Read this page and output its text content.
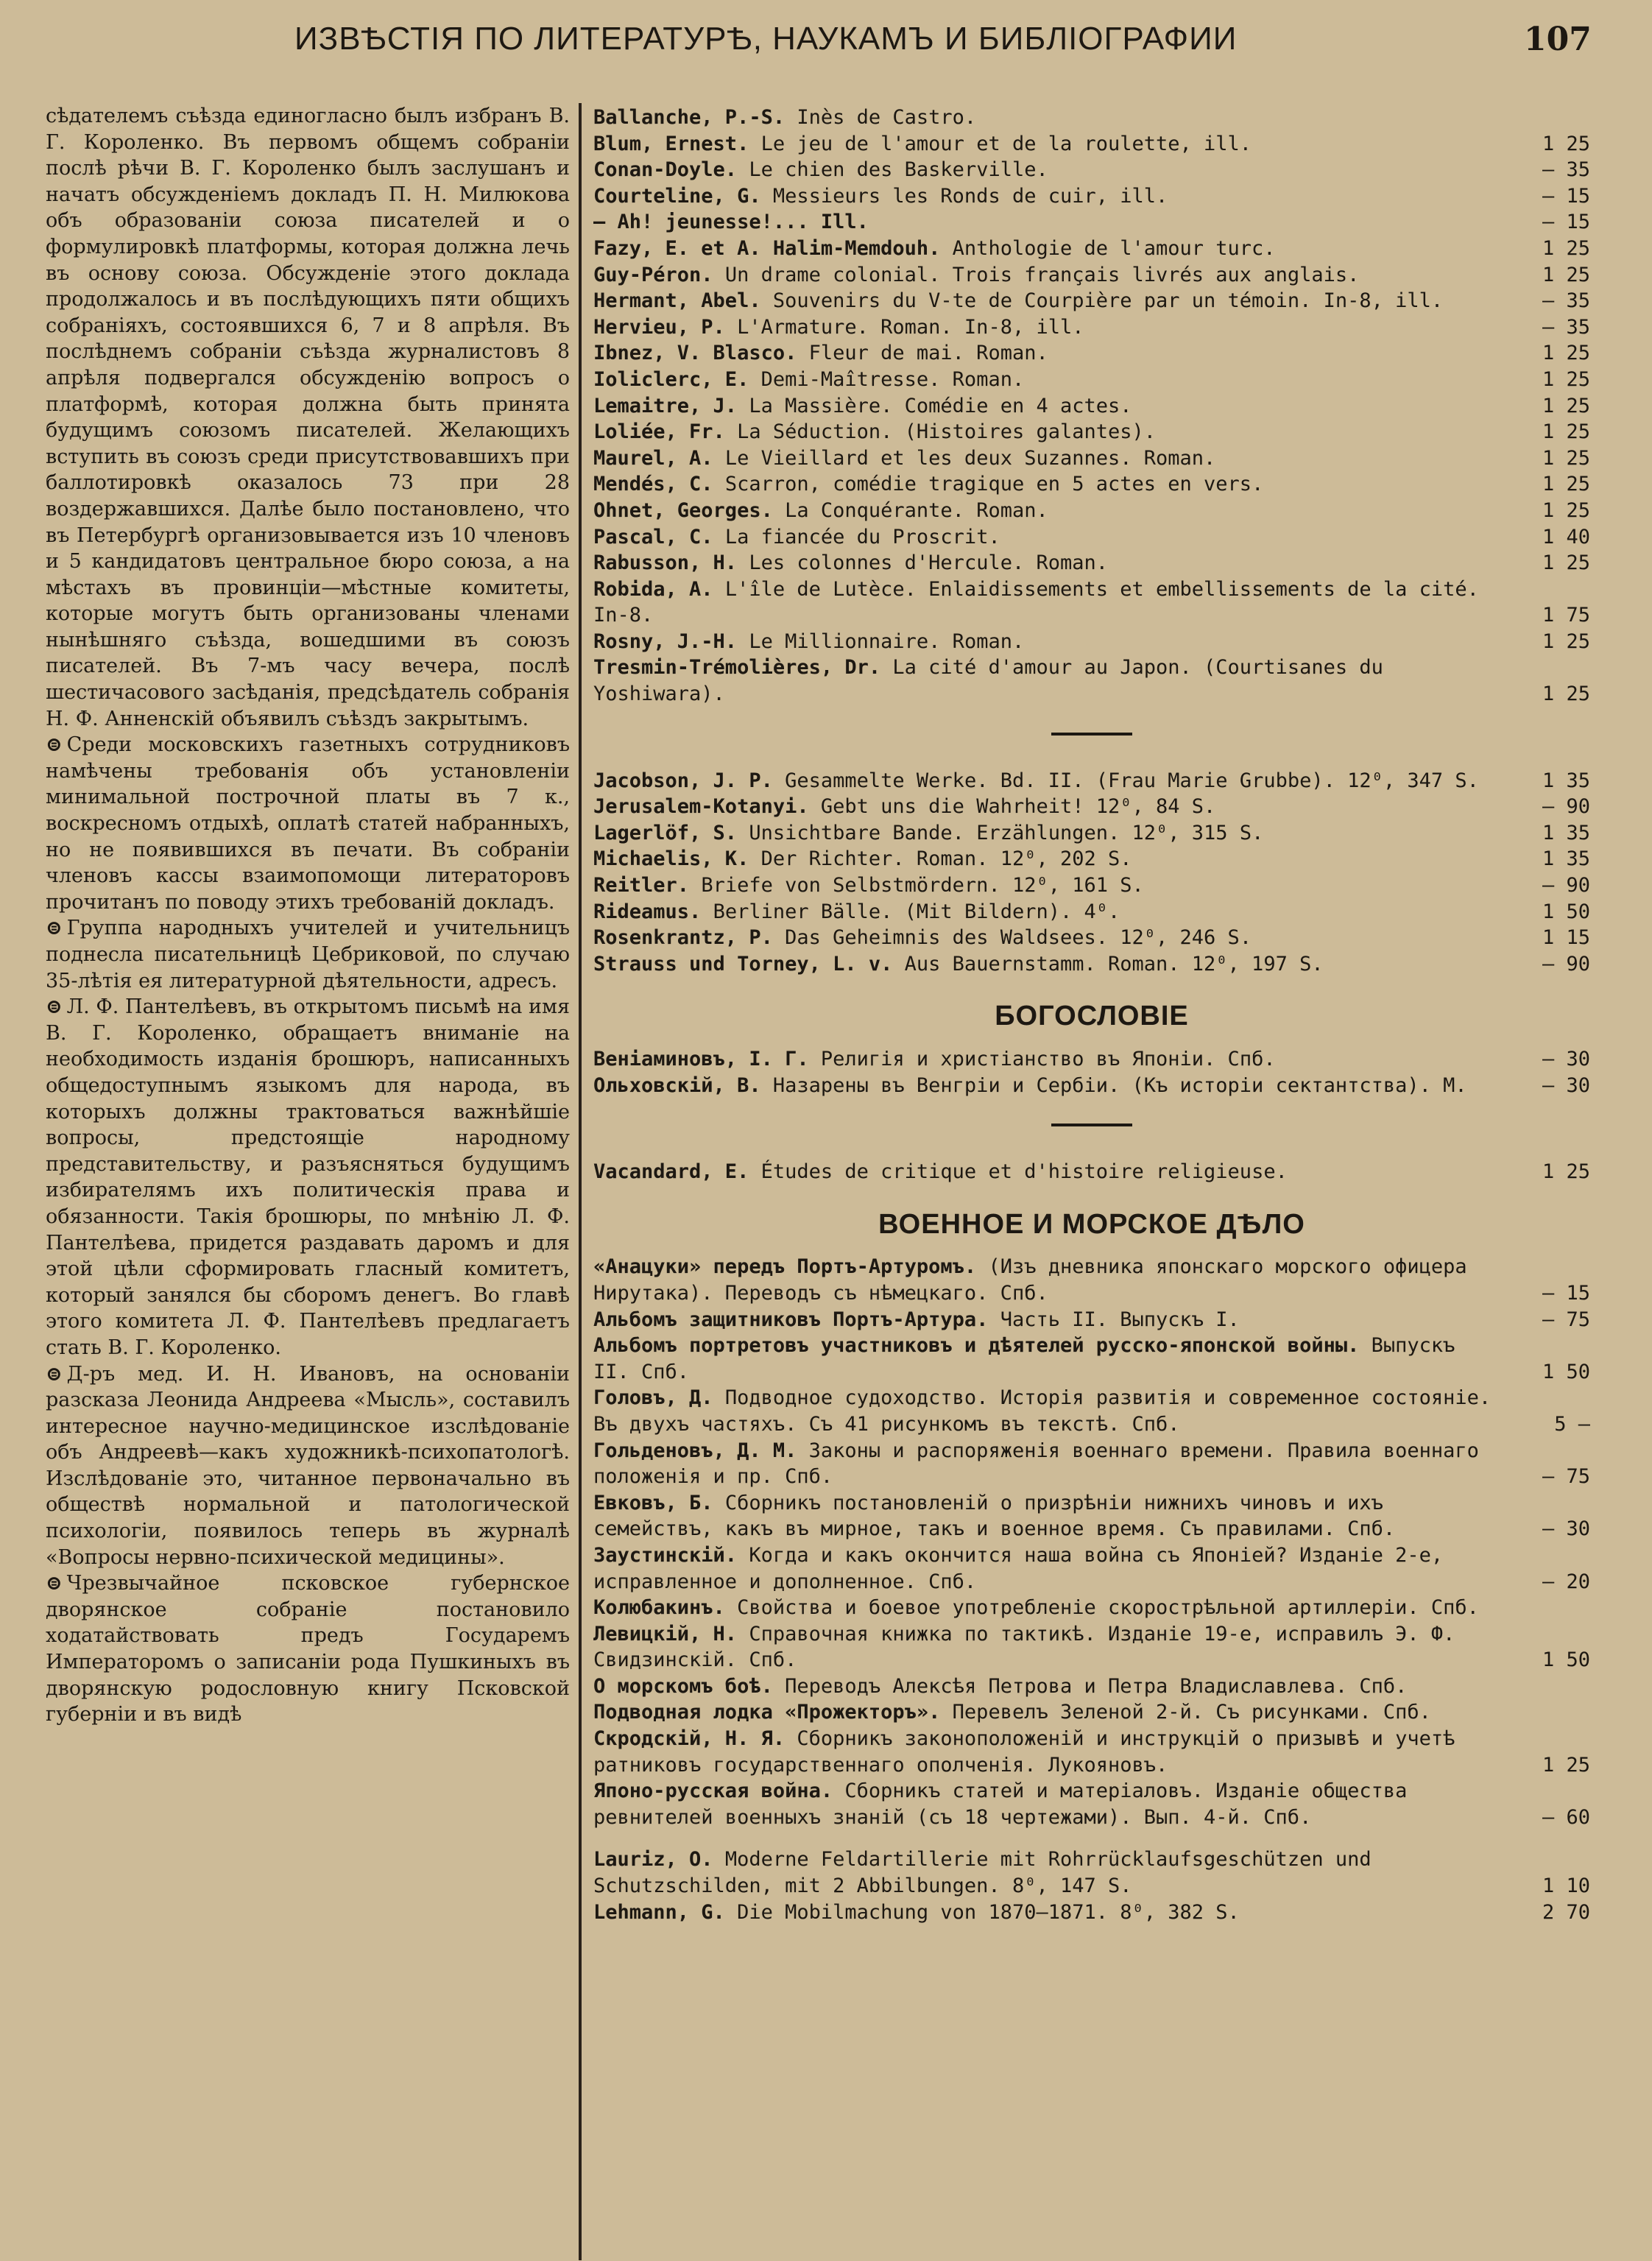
ИЗВѢСТІЯ ПО ЛИТЕРАТУРѢ, НАУКАМЪ И БИБЛІОГРАФИИ	107

сѣдателемъ съѣзда единогласно былъ избранъ В. Г. Короленко. Въ первомъ общемъ собраніи послѣ рѣчи В. Г. Короленко былъ заслушанъ и начатъ обсужденіемъ докладъ П. Н. Милюкова объ образованіи союза писателей и о формулировкѣ платформы, которая должна лечь въ основу союза. Обсужденіе этого доклада продолжалось и въ послѣдующихъ пяти общихъ собраніяхъ, состоявшихся 6, 7 и 8 апрѣля. Въ послѣднемъ собраніи съѣзда журналистовъ 8 апрѣля подвергался обсужденію вопросъ о платформѣ, которая должна быть принята будущимъ союзомъ писателей. Желающихъ вступить въ союзъ среди присутствовавшихъ при баллотировкѣ оказалось 73 при 28 воздержавшихся. Далѣе было постановлено, что въ Петербургѣ организовывается изъ 10 членовъ и 5 кандидатовъ центральное бюро союза, а на мѣстахъ въ провинціи—мѣстные комитеты, которые могутъ быть организованы членами нынѣшняго съѣзда, вошедшими въ союзъ писателей. Въ 7-мъ часу вечера, послѣ шестичасового засѣданія, предсѣдатель собранія Н. Ф. Анненскій объявилъ съѣздъ закрытымъ.

⊜ Среди московскихъ газетныхъ сотрудниковъ намѣчены требованія объ установленіи минимальной построчной платы въ 7 к., воскресномъ отдыхѣ, оплатѣ статей набранныхъ, но не появившихся въ печати. Въ собраніи членовъ кассы взаимопомощи литераторовъ прочитанъ по поводу этихъ требованій докладъ.

⊜ Группа народныхъ учителей и учительницъ поднесла писательницѣ Цебриковой, по случаю 35-лѣтія ея литературной дѣятельности, адресъ.

⊜ Л. Ф. Пантелѣевъ, въ открытомъ письмѣ на имя В. Г. Короленко, обращаетъ вниманіе на необходимость изданія брошюръ, написанныхъ общедоступнымъ языкомъ для народа, въ которыхъ должны трактоваться важнѣйшіе вопросы, предстоящіе народному представительству, и разъясняться будущимъ избирателямъ ихъ политическія права и обязанности. Такія брошюры, по мнѣнію Л. Ф. Пантелѣева, придется раздавать даромъ и для этой цѣли сформировать гласный комитетъ, который занялся бы сборомъ денегъ. Во главѣ этого комитета Л. Ф. Пантелѣевъ предлагаетъ стать В. Г. Короленко.

⊜ Д-ръ мед. И. Н. Ивановъ, на основаніи разсказа Леонида Андреева «Мысль», составилъ интересное научно-медицинское изслѣдованіе объ Андреевѣ—какъ художникѣ-психопатологѣ. Изслѣдованіе это, читанное первоначально въ обществѣ нормальной и патологической психологіи, появилось теперь въ журналѣ «Вопросы нервно-психической медицины».

⊜ Чрезвычайное псковское губернское дворянское собраніе постановило ходатайствовать предъ Государемъ Императоромъ о записаніи рода Пушкиныхъ въ дворянскую родословную книгу Псковской губерніи и въ видѣ

Ballanche, P.-S. Inès de Castro.
Blum, Ernest. Le jeu de l'amour et de la roulette, ill.	1 25
Conan-Doyle. Le chien des Baskerville.	— 35
Courteline, G. Messieurs les Ronds de cuir, ill.	— 15
— Ah! jeunesse!... Ill.	— 15
Fazy, E. et A. Halim-Memdouh. Anthologie de l'amour turc.	1 25
Guy-Péron. Un drame colonial. Trois français livrés aux anglais.	1 25
Hermant, Abel. Souvenirs du V-te de Courpière par un témoin. In-8, ill.	— 35
Hervieu, P. L'Armature. Roman. In-8, ill.	— 35
Ibnez, V. Blasco. Fleur de mai. Roman.	1 25
Ioliclerc, E. Demi-Maîtresse. Roman.	1 25
Lemaitre, J. La Massière. Comédie en 4 actes.	1 25
Loliée, Fr. La Séduction. (Histoires galantes).	1 25
Maurel, A. Le Vieillard et les deux Suzannes. Roman.	1 25
Mendés, C. Scarron, comédie tragique en 5 actes en vers.	1 25
Ohnet, Georges. La Conquérante. Roman.	1 25
Pascal, C. La fiancée du Proscrit.	1 40
Rabusson, H. Les colonnes d'Hercule. Roman.	1 25
Robida, A. L'île de Lutèce. Enlaidissements et embellissements de la cité. In-8.	1 75
Rosny, J.-H. Le Millionnaire. Roman.	1 25
Tresmin-Trémolières, Dr. La cité d'amour au Japon. (Courtisanes du Yoshiwara).	1 25
Jacobson, J. P. Gesammelte Werke. Bd. II. (Frau Marie Grubbe). 12⁰, 347 S.	1 35
Jerusalem-Kotanyi. Gebt uns die Wahrheit! 12⁰, 84 S.	— 90
Lagerlöf, S. Unsichtbare Bande. Erzählungen. 12⁰, 315 S.	1 35
Michaelis, K. Der Richter. Roman. 12⁰, 202 S.	1 35
Reitler. Briefe von Selbstmördern. 12⁰, 161 S.	— 90
Rideamus. Berliner Bälle. (Mit Bildern). 4⁰.	1 50
Rosenkrantz, P. Das Geheimnis des Waldsees. 12⁰, 246 S.	1 15
Strauss und Torney, L. v. Aus Bauernstamm. Roman. 12⁰, 197 S.	— 90
БОГОСЛОВІЕ
Веніаминовъ, І. Г. Религія и христіанство въ Японіи. Спб.	— 30
Ольховскій, В. Назарены въ Венгріи и Сербіи. (Къ исторіи сектантства). М.	— 30
Vacandard, E. Études de critique et d'histoire religieuse.	1 25
ВОЕННОЕ И МОРСКОЕ ДѢЛО
«Анацуки» передъ Портъ-Артуромъ. (Изъ дневника японскаго морского офицера Нирутака). Переводъ съ нѣмецкаго. Спб.	— 15
Альбомъ защитниковъ Портъ-Артура. Часть II. Выпускъ I.	— 75
Альбомъ портретовъ участниковъ и дѣятелей русско-японской войны. Выпускъ II. Спб.	1 50
Головъ, Д. Подводное судоходство. Исторія развитія и современное состояніе. Въ двухъ частяхъ. Съ 41 рисункомъ въ текстѣ. Спб.	5 —
Гольденовъ, Д. М. Законы и распоряженія военнаго времени. Правила военнаго положенія и пр. Спб.	— 75
Евковъ, Б. Сборникъ постановленій о призрѣніи нижнихъ чиновъ и ихъ семействъ, какъ въ мирное, такъ и военное время. Съ правилами. Спб.	— 30
Заустинскій. Когда и какъ окончится наша война съ Японіей? Изданіе 2-е, исправленное и дополненное. Спб.	— 20
Колюбакинъ. Свойства и боевое употребленіе скорострѣльной артиллеріи. Спб.
Левицкій, Н. Справочная книжка по тактикѣ. Изданіе 19-е, исправилъ Э. Ф. Свидзинскій. Спб.	1 50
О морскомъ боѣ. Переводъ Алексѣя Петрова и Петра Владиславлева. Спб.
Подводная лодка «Прожекторъ». Перевелъ Зеленой 2-й. Съ рисунками. Спб.
Скродскій, Н. Я. Сборникъ законоположеній и инструкцій о призывѣ и учетѣ ратниковъ государственнаго ополченія. Лукояновъ.	1 25
Японо-русская война. Сборникъ статей и матеріаловъ. Изданіе общества ревнителей военныхъ знаній (съ 18 чертежами). Вып. 4-й. Спб.	— 60
Lauriz, O. Moderne Feldartillerie mit Rohrrücklaufsgeschützen und Schutzschilden, mit 2 Abbilbungen. 8⁰, 147 S.	1 10
Lehmann, G. Die Mobilmachung von 1870—1871. 8⁰, 382 S.	2 70
